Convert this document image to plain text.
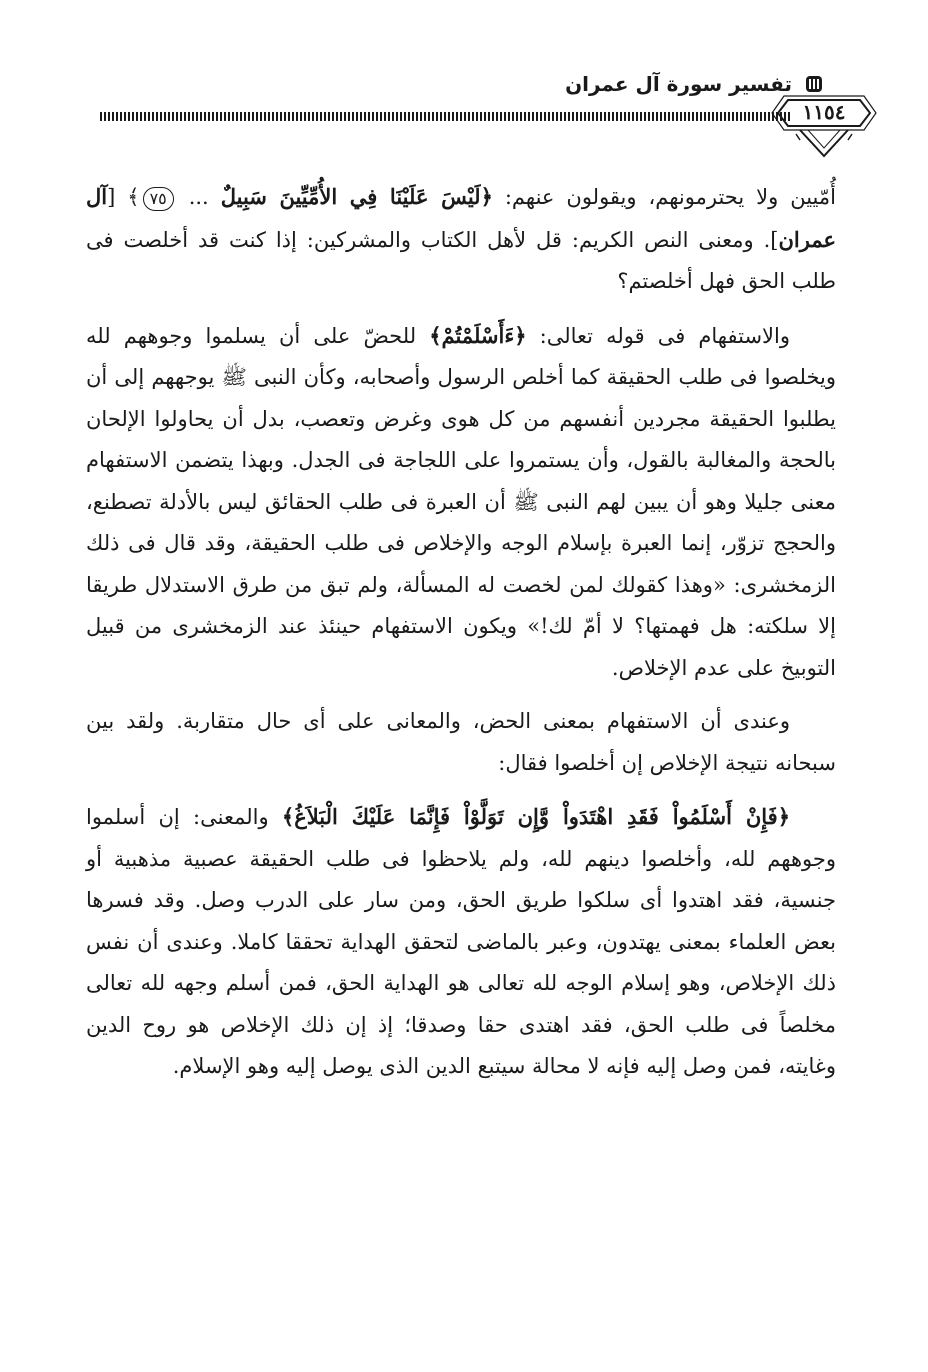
تفسير سورة آل عمران
١١٥٤

أُمّيين ولا يحترمونهم، ويقولون عنهم: ﴿لَيْسَ عَلَيْنَا فِي الأُمِّيِّينَ سَبِيلٌ ... ٧٥﴾ [آل عمران]. ومعنى النص الكريم: قل لأهل الكتاب والمشركين: إذا كنت قد أخلصت فى طلب الحق فهل أخلصتم؟

والاستفهام فى قوله تعالى: ﴿ءَأَسْلَمْتُمْ﴾ للحضّ على أن يسلموا وجوههم لله ويخلصوا فى طلب الحقيقة كما أخلص الرسول وأصحابه، وكأن النبى ﷺ يوجههم إلى أن يطلبوا الحقيقة مجردين أنفسهم من كل هوى وغرض وتعصب، بدل أن يحاولوا الإلحان بالحجة والمغالبة بالقول، وأن يستمروا على اللجاجة فى الجدل. وبهذا يتضمن الاستفهام معنى جليلا وهو أن يبين لهم النبى ﷺ أن العبرة فى طلب الحقائق ليس بالأدلة تصطنع، والحجج تزوّر، إنما العبرة بإسلام الوجه والإخلاص فى طلب الحقيقة، وقد قال فى ذلك الزمخشرى: «وهذا كقولك لمن لخصت له المسألة، ولم تبق من طرق الاستدلال طريقا إلا سلكته: هل فهمتها؟ لا أمّ لك!» ويكون الاستفهام حينئذ عند الزمخشرى من قبيل التوبيخ على عدم الإخلاص.

وعندى أن الاستفهام بمعنى الحض، والمعانى على أى حال متقاربة. ولقد بين سبحانه نتيجة الإخلاص إن أخلصوا فقال:

﴿فَإِنْ أَسْلَمُواْ فَقَدِ اهْتَدَواْ وَّإِن تَوَلَّوْاْ فَإِنَّمَا عَلَيْكَ الْبَلاَغُ﴾ والمعنى: إن أسلموا وجوههم لله، وأخلصوا دينهم لله، ولم يلاحظوا فى طلب الحقيقة عصبية مذهبية أو جنسية، فقد اهتدوا أى سلكوا طريق الحق، ومن سار على الدرب وصل. وقد فسرها بعض العلماء بمعنى يهتدون، وعبر بالماضى لتحقق الهداية تحققا كاملا. وعندى أن نفس ذلك الإخلاص، وهو إسلام الوجه لله تعالى هو الهداية الحق، فمن أسلم وجهه لله تعالى مخلصاً فى طلب الحق، فقد اهتدى حقا وصدقا؛ إذ إن ذلك الإخلاص هو روح الدين وغايته، فمن وصل إليه فإنه لا محالة سيتبع الدين الذى يوصل إليه وهو الإسلام.
